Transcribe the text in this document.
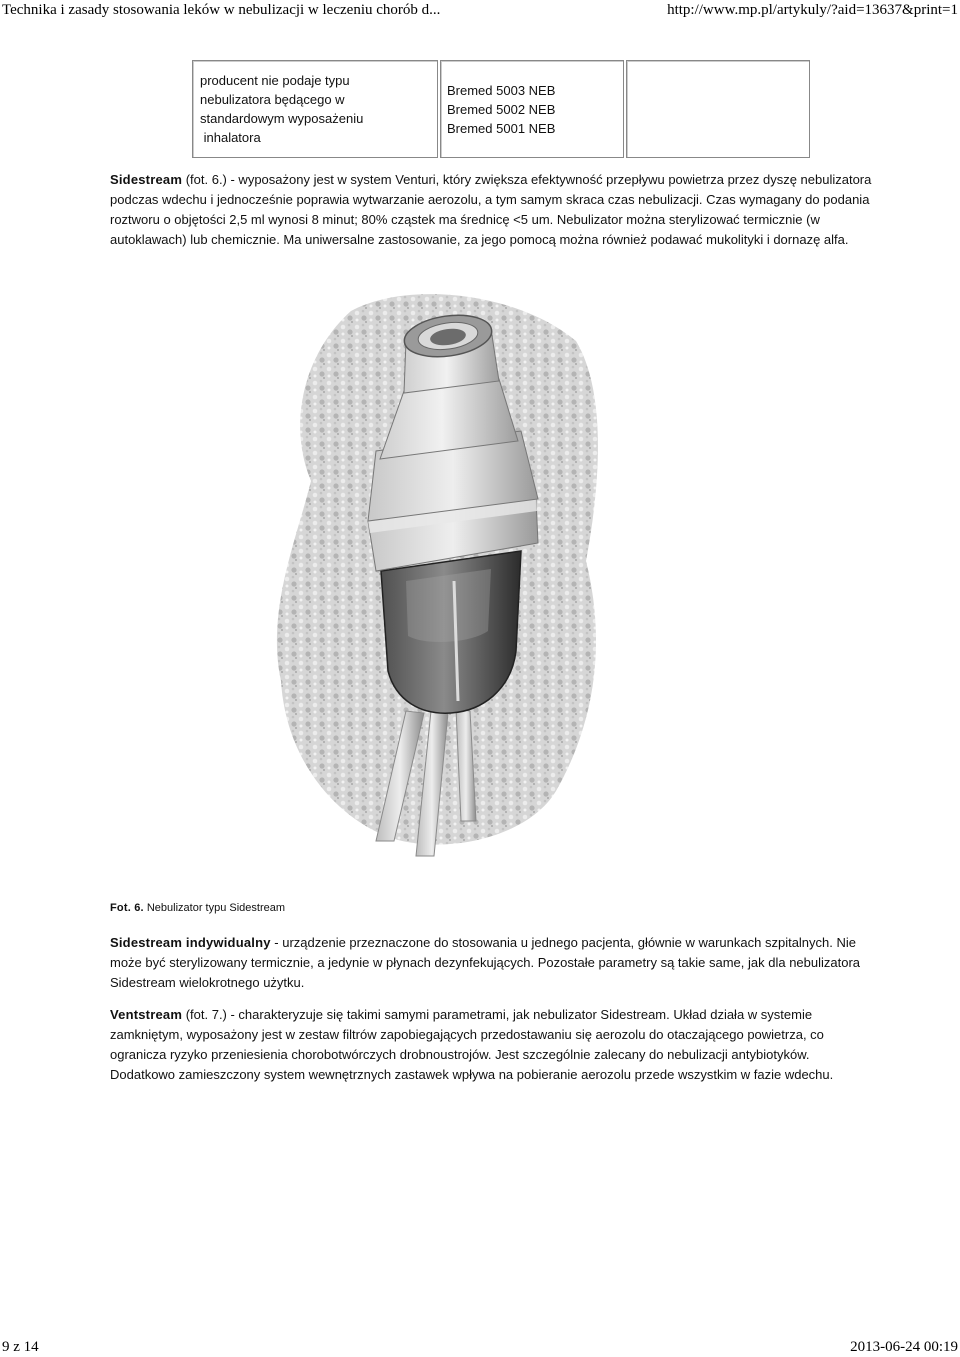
Technika i zasady stosowania leków w nebulizacji w leczeniu chorób d...	http://www.mp.pl/artykuly/?aid=13637&print=1
producent nie podaje typu
nebulizatora będącego w
standardowym wyposażeniu
inhalatora
Bremed 5003 NEB
Bremed 5002 NEB
Bremed 5001 NEB

Sidestream (fot. 6.) - wyposażony jest w system Venturi, który zwiększa efektywność przepływu powietrza przez dyszę nebulizatora podczas wdechu i jednocześnie poprawia wytwarzanie aerozolu, a tym samym skraca czas nebulizacji. Czas wymagany do podania roztworu o objętości 2,5 ml wynosi 8 minut; 80% cząstek ma średnicę <5 um. Nebulizator można sterylizować termicznie (w autoklawach) lub chemicznie. Ma uniwersalne zastosowanie, za jego pomocą można również podawać mukolityki i dornazę alfa.

Fot. 6. Nebulizator typu Sidestream

Sidestream indywidualny - urządzenie przeznaczone do stosowania u jednego pacjenta, głównie w warunkach szpitalnych. Nie może być sterylizowany termicznie, a jedynie w płynach dezynfekujących. Pozostałe parametry są takie same, jak dla nebulizatora Sidestream wielokrotnego użytku.

Ventstream (fot. 7.) - charakteryzuje się takimi samymi parametrami, jak nebulizator Sidestream. Układ działa w systemie zamkniętym, wyposażony jest w zestaw filtrów zapobiegających przedostawaniu się aerozolu do otaczającego powietrza, co ogranicza ryzyko przeniesienia chorobotwórczych drobnoustrojów. Jest szczególnie zalecany do nebulizacji antybiotyków. Dodatkowo zamieszczony system wewnętrznych zastawek wpływa na pobieranie aerozolu przede wszystkim w fazie wdechu.

9 z 14	2013-06-24 00:19
